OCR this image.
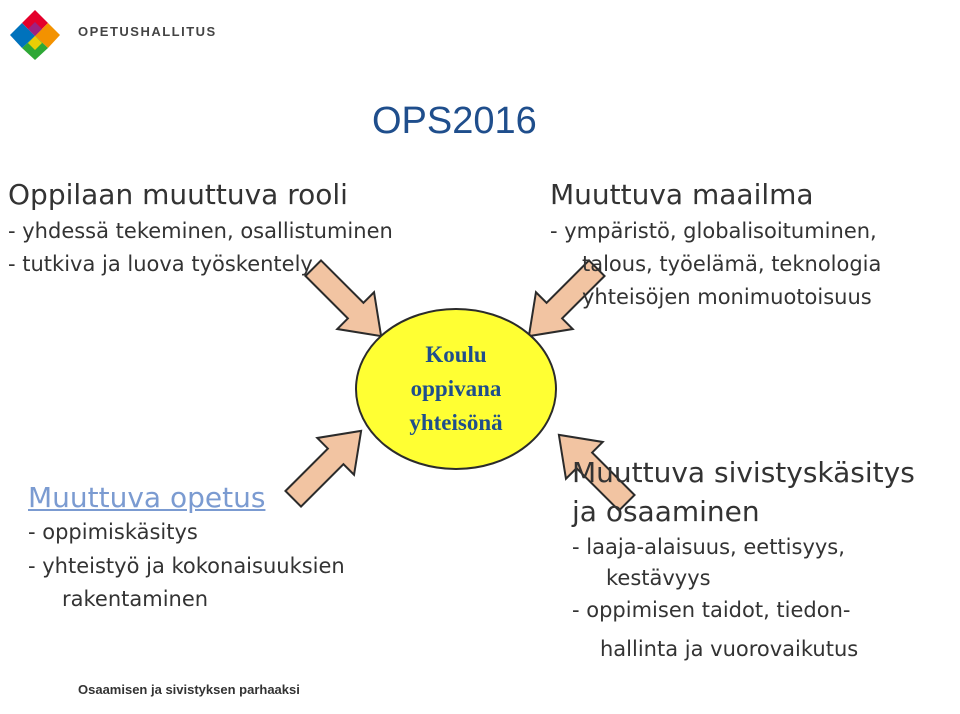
OPETUSHALLITUS
OPS2016
Koulu
oppivana
yhteisönä
Oppilaan muuttuva rooli
- yhdessä tekeminen, osallistuminen
- tutkiva ja luova työskentely
Muuttuva maailma
- ympäristö, globalisoituminen,
talous, työelämä, teknologia
yhteisöjen monimuotoisuus
Muuttuva opetus
- oppimiskäsitys
- yhteistyö ja kokonaisuuksien
rakentaminen
Muuttuva sivistyskäsitys
ja osaaminen
- laaja-alaisuus, eettisyys,
kestävyys
- oppimisen taidot, tiedon-
hallinta ja vuorovaikutus
Osaamisen ja sivistyksen parhaaksi
